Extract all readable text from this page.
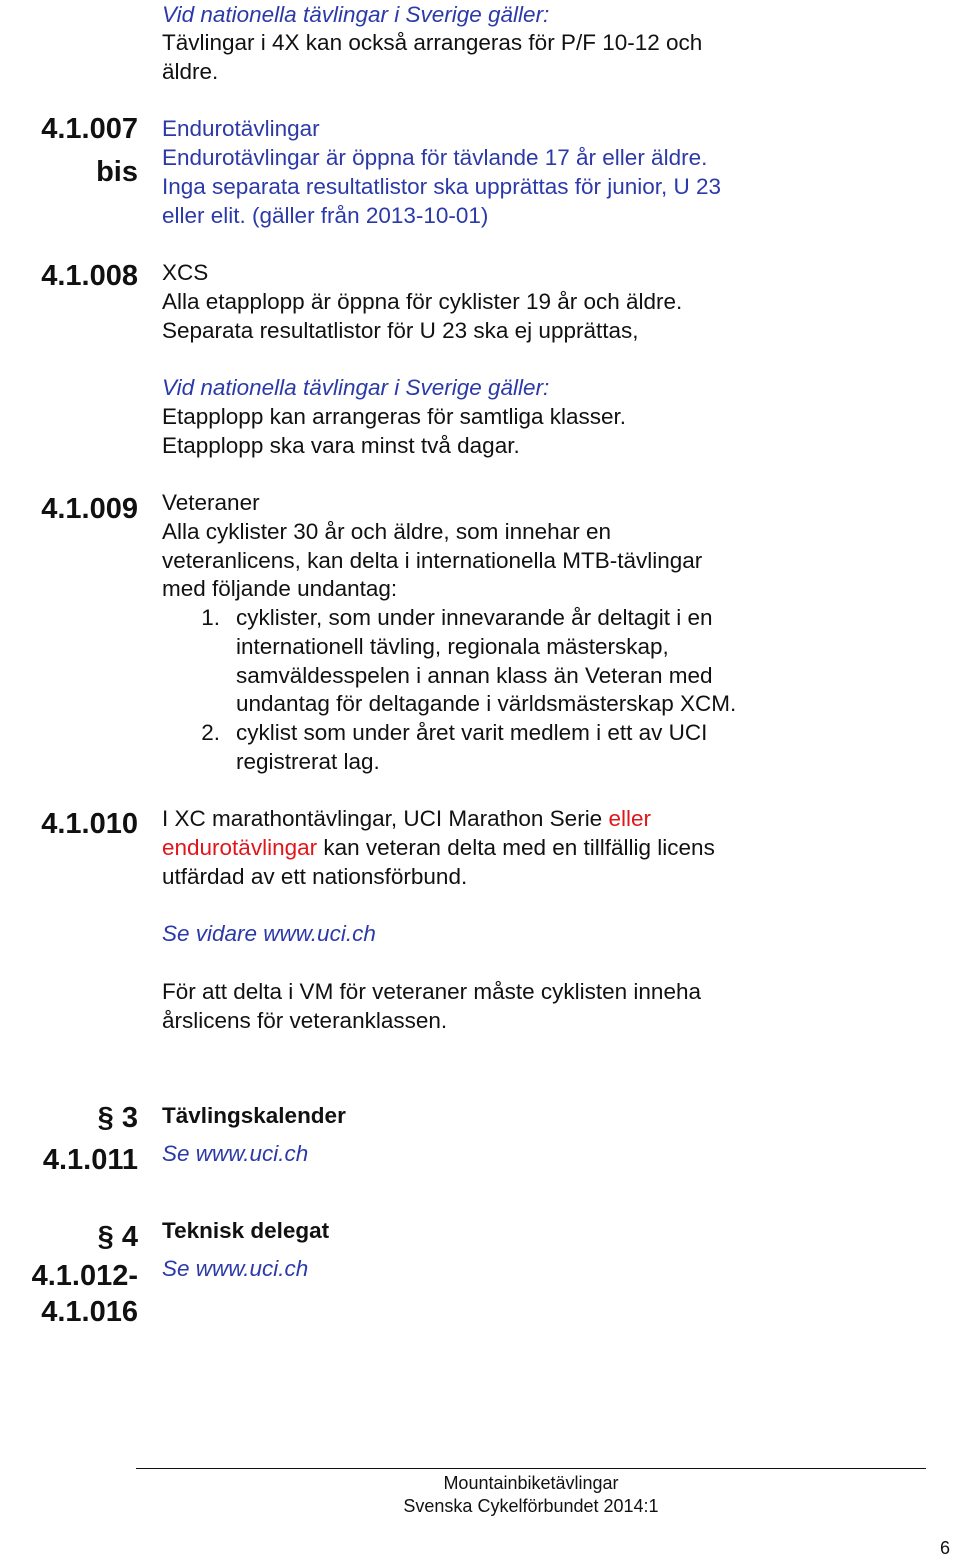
Vid nationella tävlingar i Sverige gäller:
Tävlingar i 4X kan också arrangeras för P/F 10-12 och
äldre.
4.1.007
bis
Endurotävlingar
Endurotävlingar är öppna för tävlande 17 år eller äldre.
Inga separata resultatlistor ska upprättas för junior, U 23
eller elit. (gäller från 2013-10-01)
4.1.008 XCS
Alla etapplopp är öppna för cyklister 19 år och äldre.
Separata resultatlistor för U 23 ska ej upprättas,
Vid nationella tävlingar i Sverige gäller:
Etapplopp kan arrangeras för samtliga klasser.
Etapplopp ska vara minst två dagar.
4.1.009 Veteraner
Alla cyklister 30 år och äldre, som innehar en
veteranlicens, kan delta i internationella MTB-tävlingar
med följande undantag:
1. cyklister, som under innevarande år deltagit i en
internationell tävling, regionala mästerskap,
samväldesspelen i annan klass än Veteran med
undantag för deltagande i världsmästerskap XCM.
2. cyklist som under året varit medlem i ett av UCI
registrerat lag.
4.1.010 I XC marathontävlingar, UCI Marathon Serie eller
endurotävlingar kan veteran delta med en tillfällig licens
utfärdad av ett nationsförbund.
Se vidare www.uci.ch
För att delta i VM för veteraner måste cyklisten inneha
årslicens för veteranklassen.
§ 3
4.1.011
Tävlingskalender
Se www.uci.ch
§ 4
4.1.012-
4.1.016
Teknisk delegat
Se www.uci.ch
Mountainbiketävlingar
Svenska Cykelförbundet 2014:1
6
